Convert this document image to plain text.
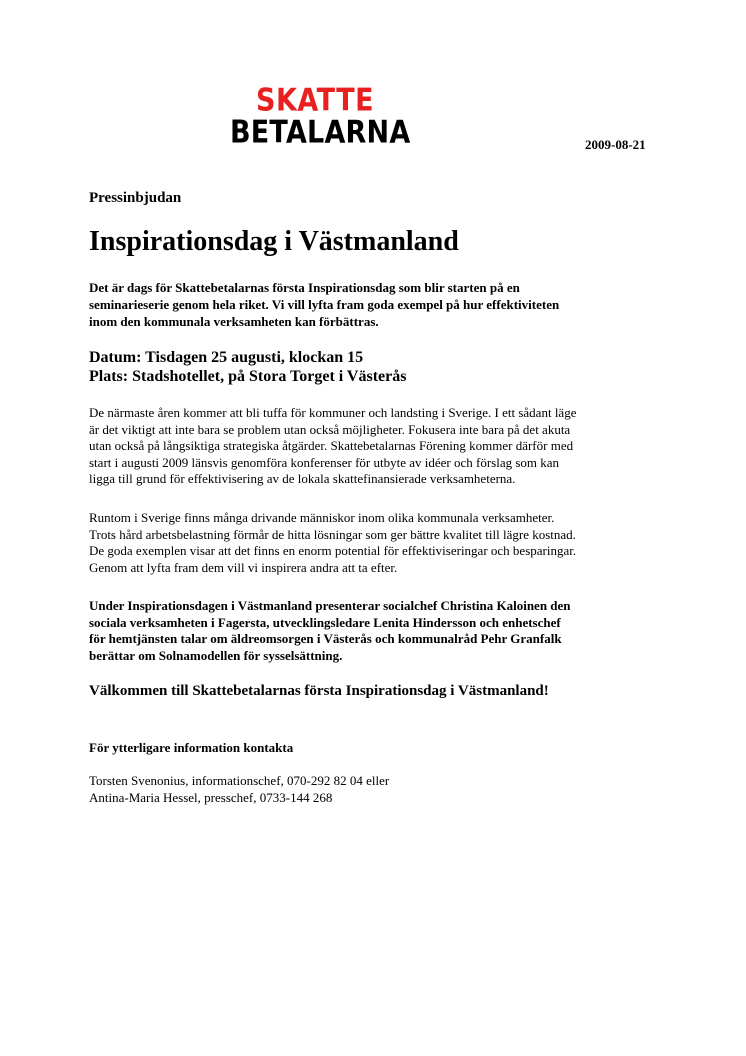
SKATTE
BETALARNA	2009-08-21
Pressinbjudan
Inspirationsdag i Västmanland
Det är dags för Skattebetalarnas första Inspirationsdag som blir starten på en
seminarieserie genom hela riket. Vi vill lyfta fram goda exempel på hur effektiviteten
inom den kommunala verksamheten kan förbättras.
Datum: Tisdagen 25 augusti, klockan 15
Plats: Stadshotellet, på Stora Torget i Västerås
De närmaste åren kommer att bli tuffa för kommuner och landsting i Sverige. I ett sådant läge
är det viktigt att inte bara se problem utan också möjligheter. Fokusera inte bara på det akuta
utan också på långsiktiga strategiska åtgärder. Skattebetalarnas Förening kommer därför med
start i augusti 2009 länsvis genomföra konferenser för utbyte av idéer och förslag som kan
ligga till grund för effektivisering av de lokala skattefinansierade verksamheterna.
Runtom i Sverige finns många drivande människor inom olika kommunala verksamheter.
Trots hård arbetsbelastning förmår de hitta lösningar som ger bättre kvalitet till lägre kostnad.
De goda exemplen visar att det finns en enorm potential för effektiviseringar och besparingar.
Genom att lyfta fram dem vill vi inspirera andra att ta efter.
Under Inspirationsdagen i Västmanland presenterar socialchef Christina Kaloinen den
sociala verksamheten i Fagersta, utvecklingsledare Lenita Hindersson och enhetschef
för hemtjänsten talar om äldreomsorgen i Västerås och kommunalråd Pehr Granfalk
berättar om Solnamodellen för sysselsättning.
Välkommen till Skattebetalarnas första Inspirationsdag i Västmanland!
För ytterligare information kontakta
Torsten Svenonius, informationschef, 070-292 82 04 eller
Antina-Maria Hessel, presschef, 0733-144 268
